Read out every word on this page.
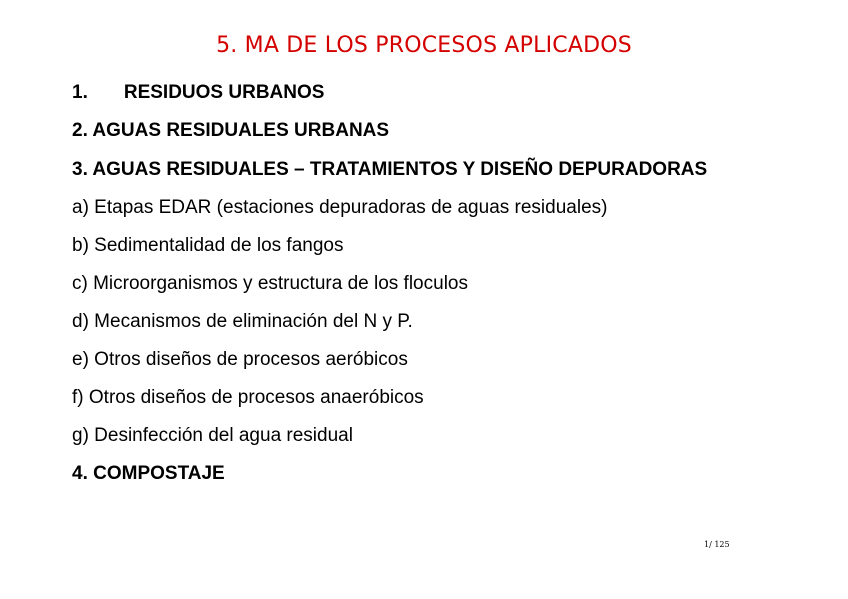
5. MA DE LOS PROCESOS APLICADOS
1. RESIDUOS URBANOS
2. AGUAS RESIDUALES URBANAS
3. AGUAS RESIDUALES – TRATAMIENTOS Y DISEÑO DEPURADORAS
a) Etapas EDAR (estaciones depuradoras de aguas residuales)
b) Sedimentalidad de los fangos
c) Microorganismos y estructura de los floculos
d) Mecanismos de eliminación del N y P.
e) Otros diseños de procesos aeróbicos
f) Otros diseños de procesos anaeróbicos
g) Desinfección del agua residual
4. COMPOSTAJE
1/ 125
